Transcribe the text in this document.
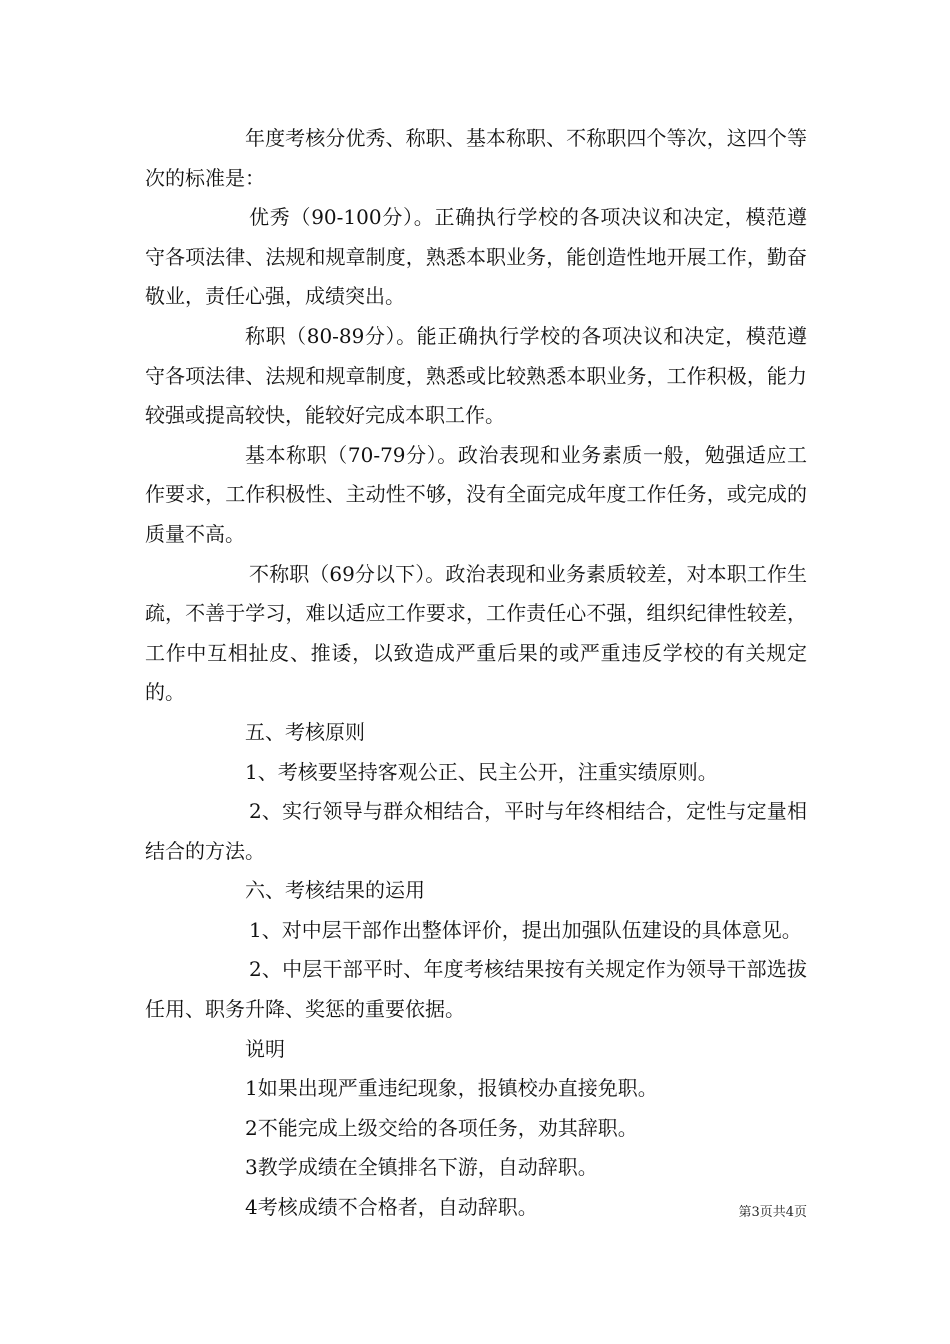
年度考核分优秀、称职、基本称职、不称职四个等次，这四个等次的标准是：

优秀（90-100分）。正确执行学校的各项决议和决定，模范遵守各项法律、法规和规章制度，熟悉本职业务，能创造性地开展工作，勤奋敬业，责任心强，成绩突出。

称职（80-89分）。能正确执行学校的各项决议和决定，模范遵守各项法律、法规和规章制度，熟悉或比较熟悉本职业务，工作积极，能力较强或提高较快，能较好完成本职工作。

基本称职（70-79分）。政治表现和业务素质一般，勉强适应工作要求，工作积极性、主动性不够，没有全面完成年度工作任务，或完成的质量不高。

不称职（69分以下）。政治表现和业务素质较差，对本职工作生疏，不善于学习，难以适应工作要求，工作责任心不强，组织纪律性较差，工作中互相扯皮、推诿，以致造成严重后果的或严重违反学校的有关规定的。

五、考核原则

1、考核要坚持客观公正、民主公开，注重实绩原则。

2、实行领导与群众相结合，平时与年终相结合，定性与定量相结合的方法。

六、考核结果的运用

1、对中层干部作出整体评价，提出加强队伍建设的具体意见。

2、中层干部平时、年度考核结果按有关规定作为领导干部选拔任用、职务升降、奖惩的重要依据。

说明

1如果出现严重违纪现象，报镇校办直接免职。

2不能完成上级交给的各项任务，劝其辞职。

3教学成绩在全镇排名下游，自动辞职。

4考核成绩不合格者，自动辞职。	第3页共4页
